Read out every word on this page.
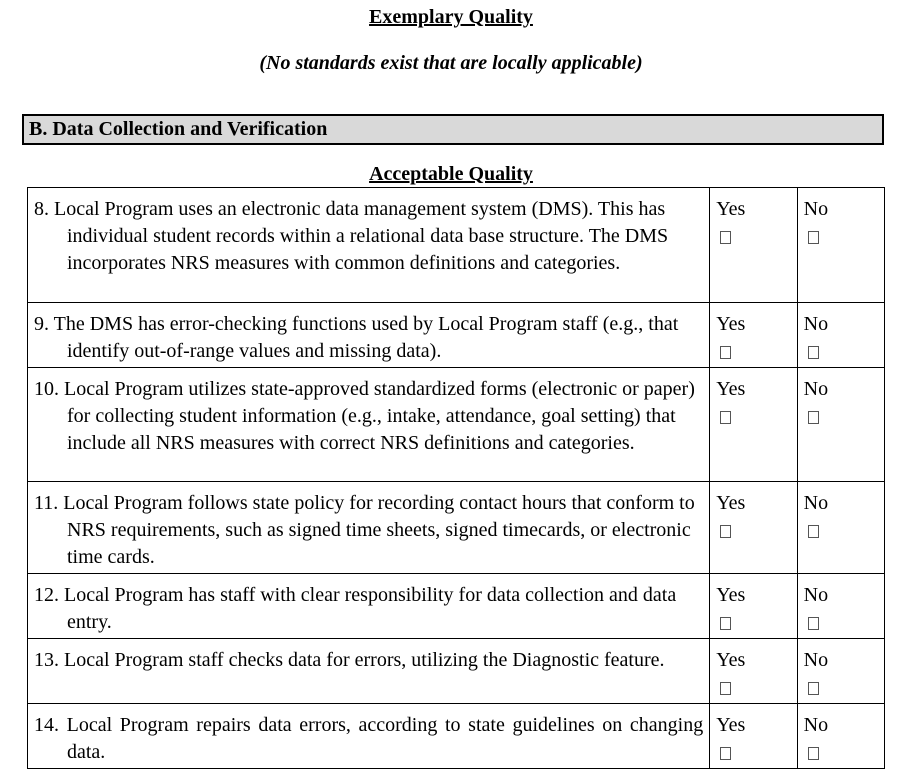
Exemplary Quality
(No standards exist that are locally applicable)
B. Data Collection and Verification
Acceptable Quality
8. Local Program uses an electronic data management system (DMS). This has individual student records within a relational data base structure. The DMS incorporates NRS measures with common definitions and categories.	Yes	No

9. The DMS has error-checking functions used by Local Program staff (e.g., that identify out-of-range values and missing data).	Yes	No

10. Local Program utilizes state-approved standardized forms (electronic or paper) for collecting student information (e.g., intake, attendance, goal setting) that include all NRS measures with correct NRS definitions and categories.	Yes	No

11. Local Program follows state policy for recording contact hours that conform to NRS requirements, such as signed time sheets, signed timecards, or electronic time cards.	Yes	No

12. Local Program has staff with clear responsibility for data collection and data entry.	Yes	No

13. Local Program staff checks data for errors, utilizing the Diagnostic feature.	Yes	No

14. Local Program repairs data errors, according to state guidelines on changing data.	Yes	No
